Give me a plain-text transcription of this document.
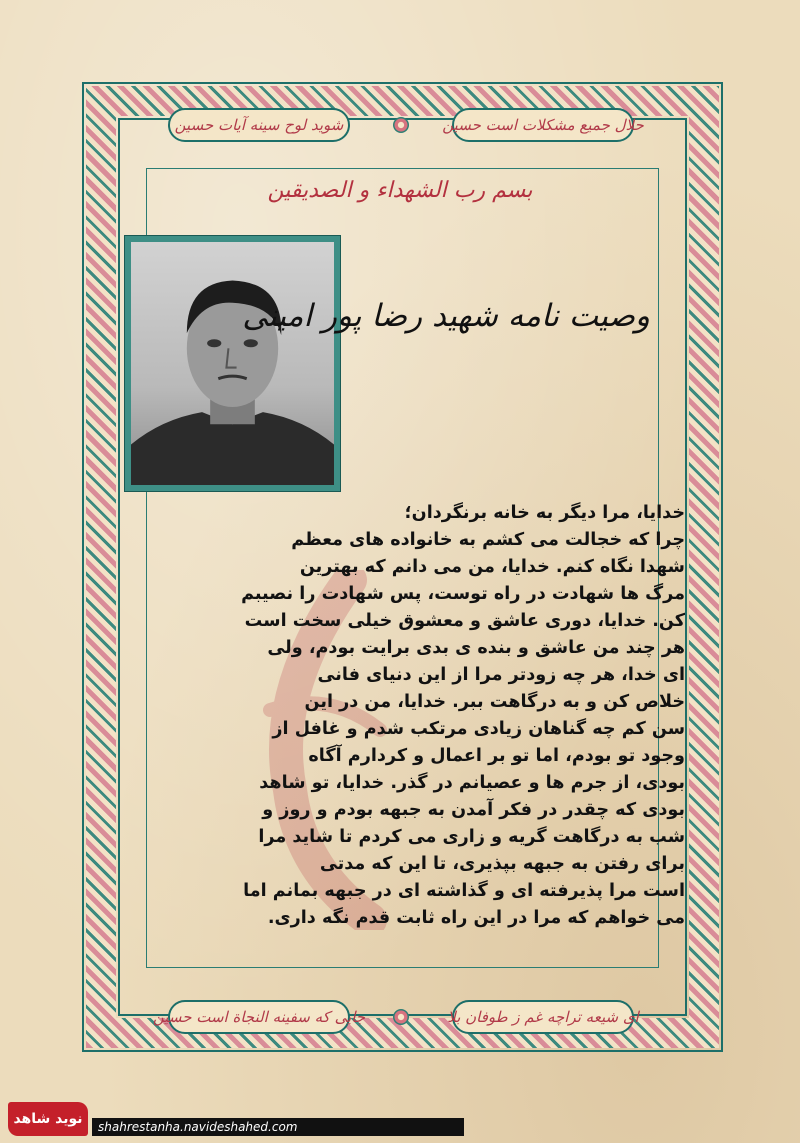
حلال جمیع مشکلات است حسین
شوید لوح سینه آیات حسین
بسم رب الشهداء و الصدیقین
وصیت نامه شهید رضا پور امینی
خدایا، مرا دیگر به خانه برنگردان؛
چرا که خجالت می کشم به خانواده های معظم
شهدا نگاه کنم. خدایا، من می دانم که بهترین
مرگ ها شهادت در راه توست، پس شهادت را نصیبم
کن. خدایا، دوری عاشق و معشوق خیلی سخت است
هر چند من عاشق و بنده ی بدی برایت بودم، ولی
ای خدا، هر چه زودتر مرا از این دنیای فانی
خلاص کن و به درگاهت ببر. خدایا، من در این
سن کم چه گناهان زیادی مرتکب شدم و غافل از
وجود تو بودم، اما تو بر اعمال و کردارم آگاه
بودی، از جرم ها و عصیانم در گذر. خدایا، تو شاهد
بودی که چقدر در فکر آمدن به جبهه بودم و روز و
شب به درگاهت گریه و زاری می کردم تا شاید مرا
برای رفتن به جبهه بپذیری، تا این که مدتی
است مرا پذیرفته ای و گذاشته ای در جبهه بمانم اما
می خواهم که مرا در این راه ثابت قدم نگه داری.
ای شیعه تراچه غم ز طوفان بلا
جایی که سفینه النجاة است حسین
نوید شاهد	shahrestanha.navideshahed.com
